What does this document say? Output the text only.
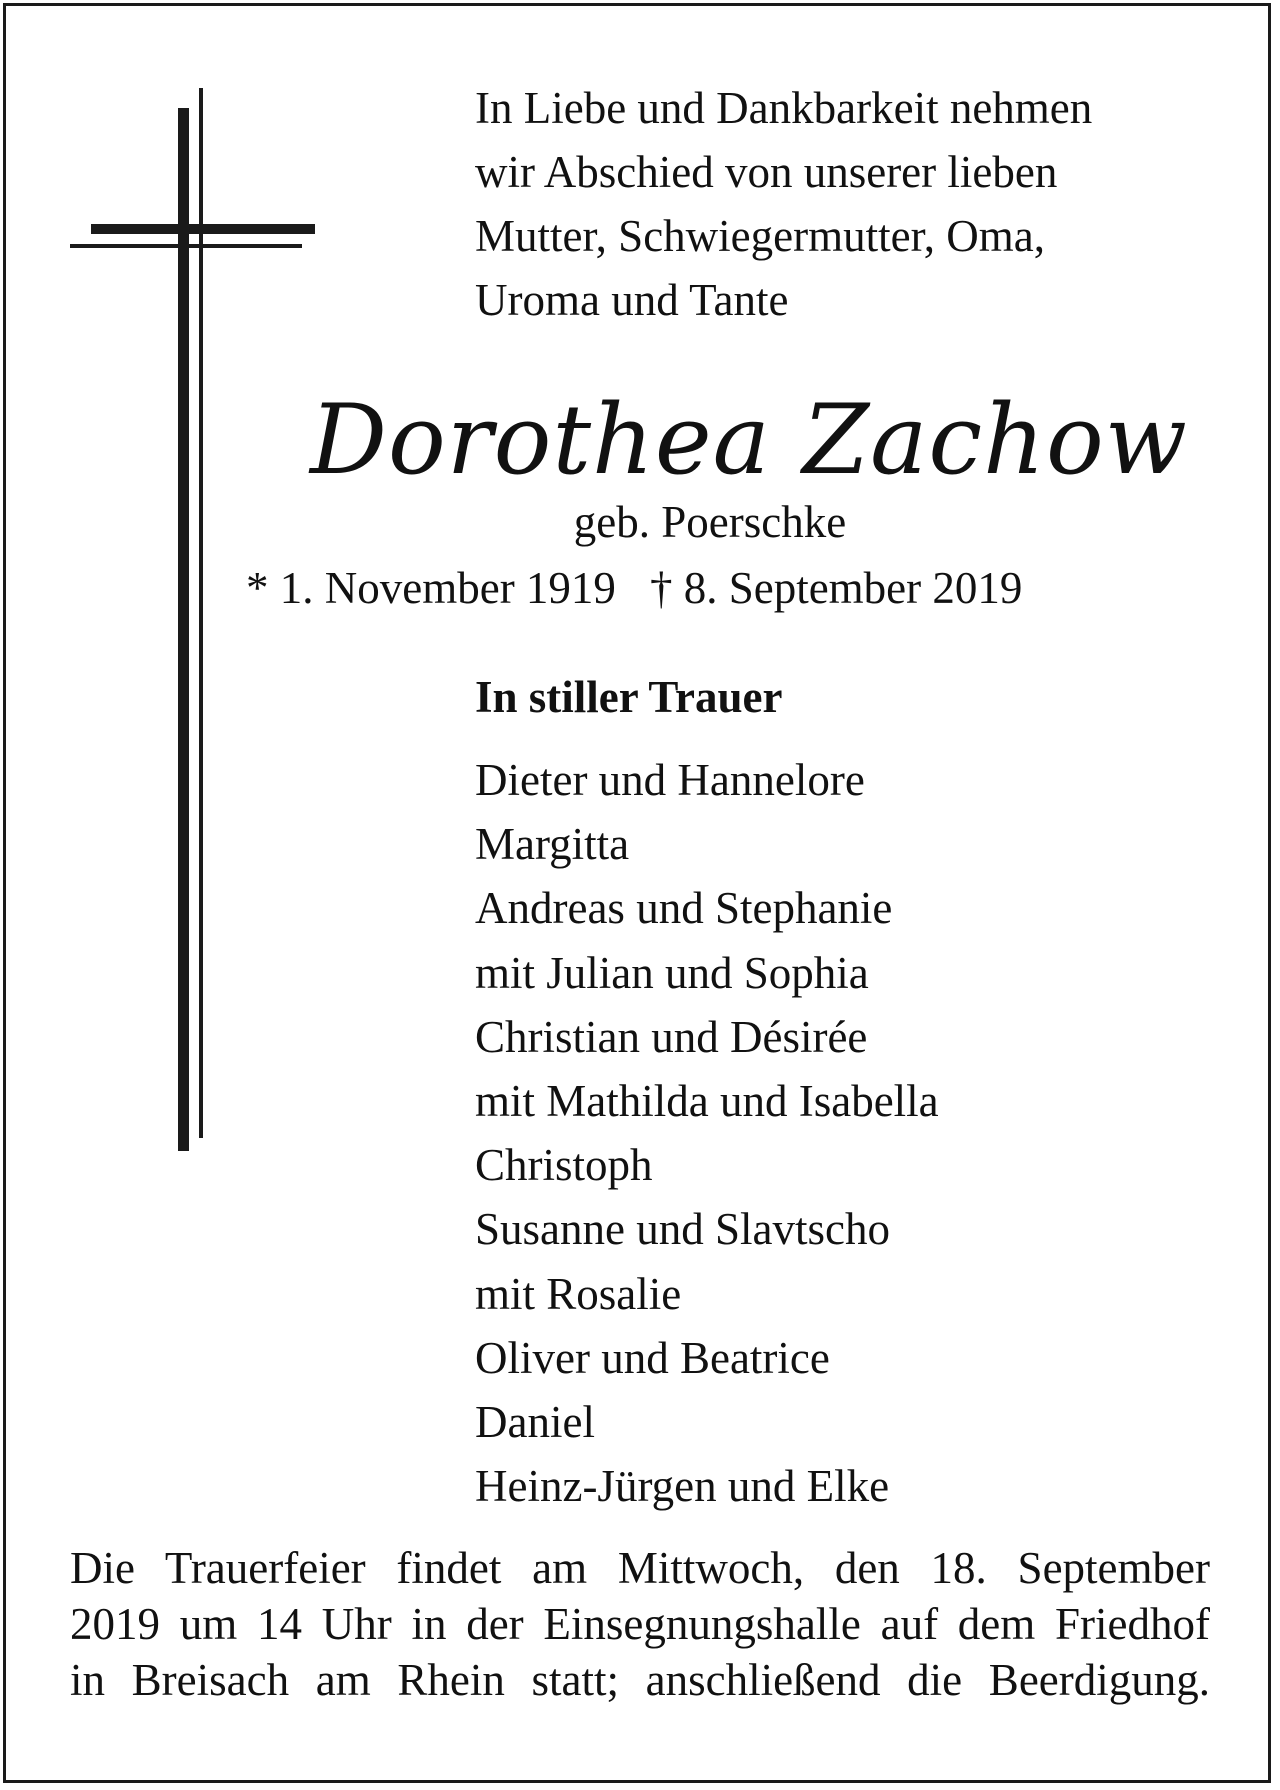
In Liebe und Dankbarkeit nehmen
wir Abschied von unserer lieben
Mutter, Schwiegermutter, Oma,
Uroma und Tante
Dorothea Zachow
geb. Poerschke
* 1. November 1919 † 8. September 2019
In stiller Trauer
Dieter und Hannelore
Margitta
Andreas und Stephanie
mit Julian und Sophia
Christian und Désirée
mit Mathilda und Isabella
Christoph
Susanne und Slavtscho
mit Rosalie
Oliver und Beatrice
Daniel
Heinz-Jürgen und Elke
Die Trauerfeier findet am Mittwoch, den 18. September
2019 um 14 Uhr in der Einsegnungshalle auf dem Friedhof
in Breisach am Rhein statt; anschließend die Beerdigung.
